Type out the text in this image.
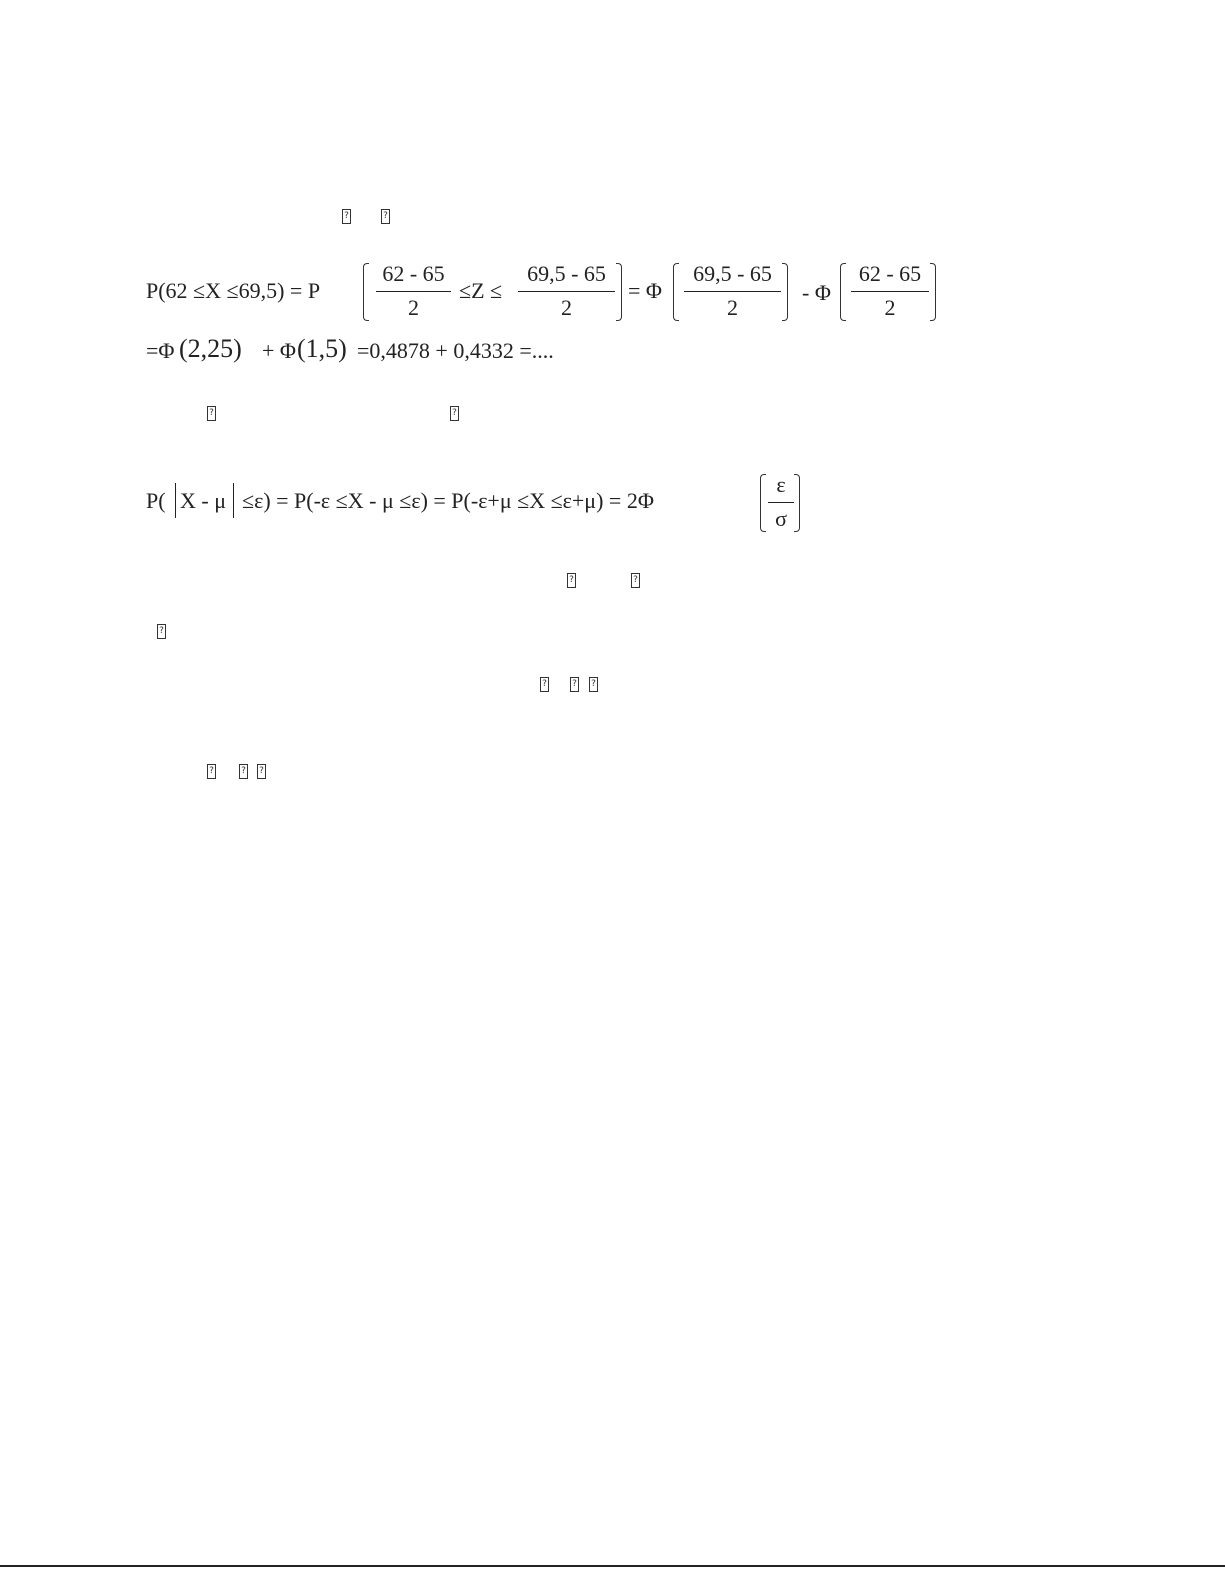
?	?
P(62 ≤X ≤69,5) = P
62 - 65
2
≤Z ≤
69,5 - 65
2
= Φ
69,5 - 65
2
- Φ
62 - 65
2
=Φ (2,25) + Φ (1,5) =0,4878 + 0,4332 =....
?	?
P( X - μ ≤ε) = P(-ε ≤X - μ ≤ε) = P(-ε+μ ≤X ≤ε+μ) = 2Φ
ε
σ
?	?
?
?	? ?
?	? ?
